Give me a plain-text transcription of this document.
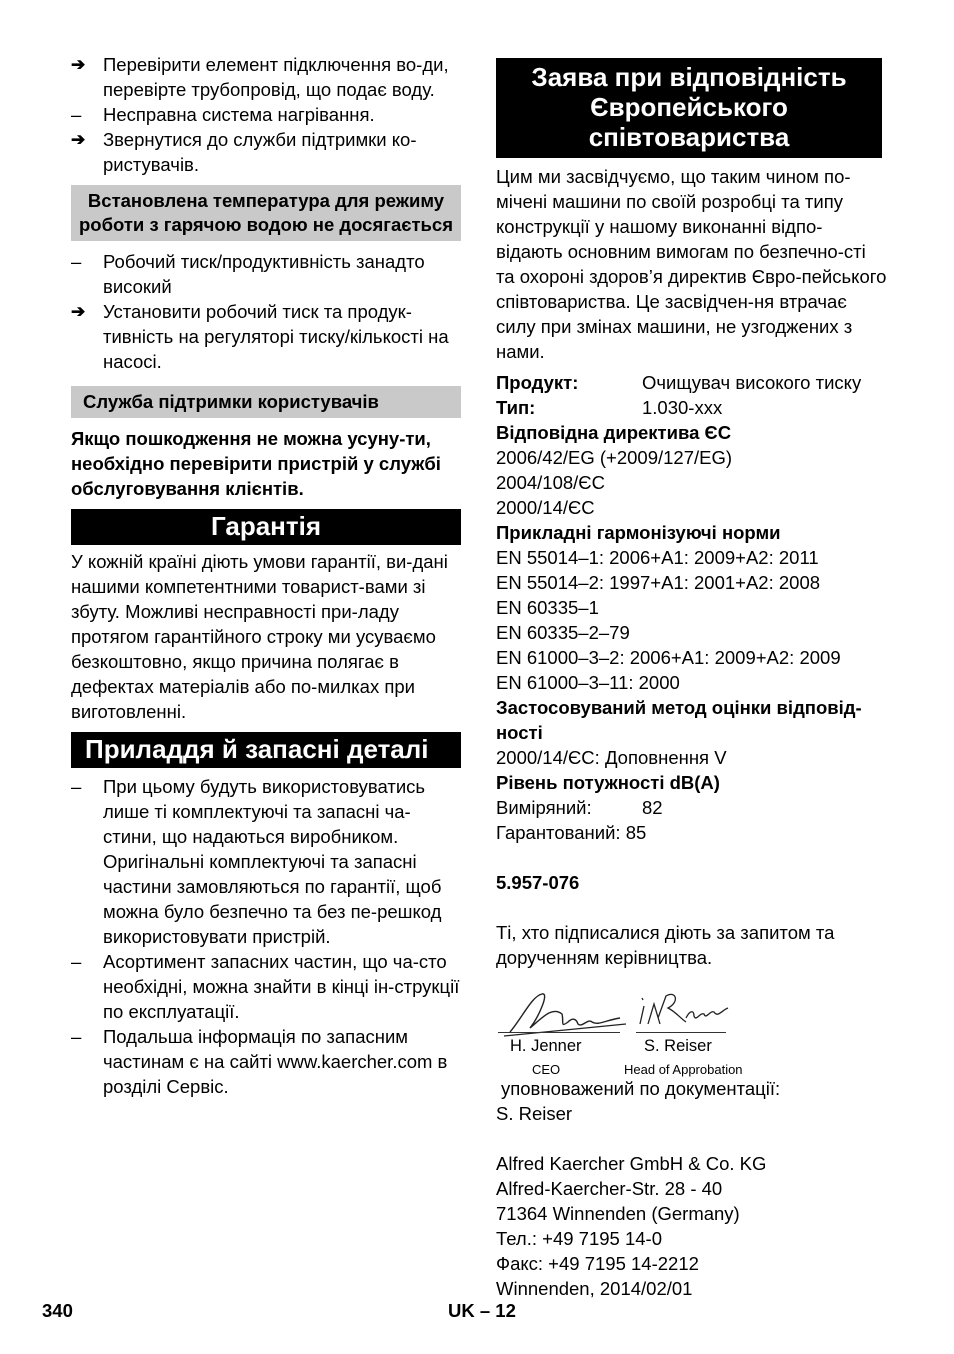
➔ Перевірити елемент підключення во-ди, перевірте трубопровід, що подає воду.
–	Несправна система нагрівання.
➔ Звернутися до служби підтримки ко-ристувачів.
Встановлена температура для режиму роботи з гарячою водою не досягається
–	Робочий тиск/продуктивність занадто високий
➔ Установити робочий тиск та продук-тивність на регуляторі тиску/кількості на насосі.
Служба підтримки користувачів
Якщо пошкодження не можна усуну-ти, необхідно перевірити пристрій у службі обслуговування клієнтів.
Гарантія
У кожній країні діють умови гарантії, ви-дані нашими компетентними товарист-вами зі збуту. Можливі несправності при-ладу протягом гарантійного строку ми усуваємо безкоштовно, якщо причина полягає в дефектах матеріалів або по-милках при виготовленні.
Приладдя й запасні деталі
–	При цьому будуть використовуватись лише ті комплектуючі та запасні ча-стини, що надаються виробником. Оригінальні комплектуючі та запасні частини замовляються по гарантії, щоб можна було безпечно та без пе-решкод використовувати пристрій.
–	Асортимент запасних частин, що ча-сто необхідні, можна знайти в кінці ін-струкції по експлуатації.
–	Подальша інформація по запасним частинам є на сайті www.kaercher.com в розділі Сервіс.
Заява при відповідність Європейського співтовариства
Цим ми засвідчуємо, що таким чином по-мічені машини по своїй розробці та типу конструкції у нашому виконанні відпо-відають основним вимогам по безпечно-сті та охороні здоров’я директив Євро-пейського співтовариства. Це засвідчен-ня втрачає силу при змінах машини, не узгоджених з нами.
Продукт:	Очищувач високого тиску
Тип:	1.030-xxx
Відповідна директива ЄС
2006/42/EG (+2009/127/EG)
2004/108/ЄС
2000/14/ЄС
Прикладні гармонізуючі норми
EN 55014–1: 2006+A1: 2009+A2: 2011
EN 55014–2: 1997+A1: 2001+A2: 2008
EN 60335–1
EN 60335–2–79
EN 61000–3–2: 2006+A1: 2009+A2: 2009
EN 61000–3–11: 2000
Застосовуваний метод оцінки відповід-ності
2000/14/ЄС: Доповнення V
Рівень потужності dB(A)
Виміряний:	82
Гарантований: 85
5.957-076
Ті, хто підписалися діють за запитом та дорученням керівництва.
H. Jenner	S. Reiser
CEO	Head of Approbation
уповноважений по документації:
S. Reiser
Alfred Kaercher GmbH & Co. KG
Alfred-Kaercher-Str. 28 - 40
71364 Winnenden (Germany)
Тел.: +49 7195 14-0
Факс: +49 7195 14-2212
Winnenden, 2014/02/01
340	UK – 12
